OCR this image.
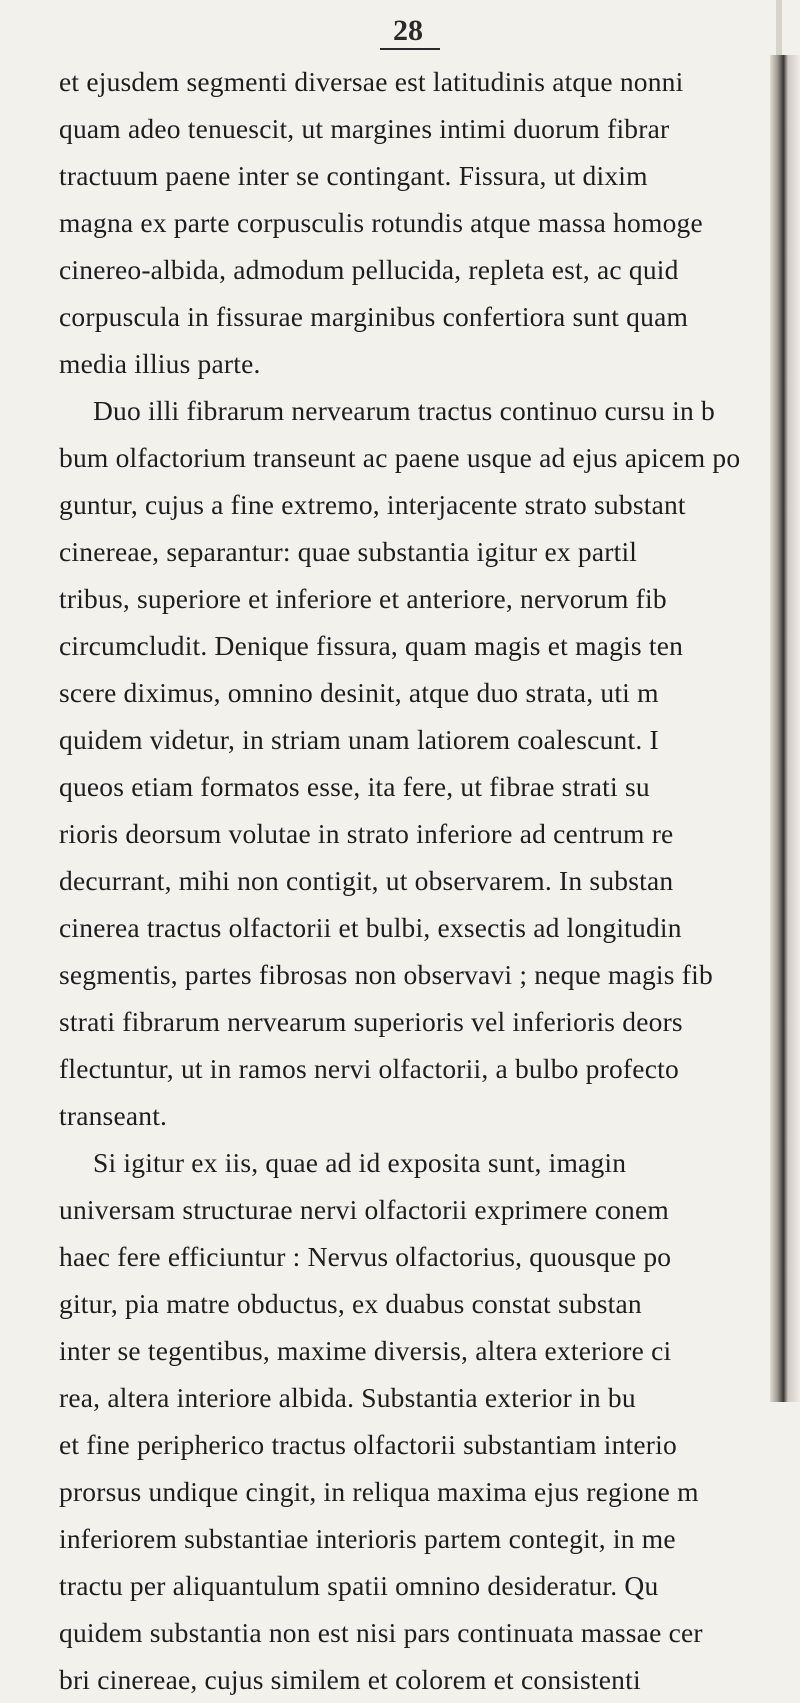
28
et ejusdem segmenti diversae est latitudinis atque nonni
quam adeo tenuescit, ut margines intimi duorum fibrar
tractuum paene inter se contingant. Fissura, ut dixim
magna ex parte corpusculis rotundis atque massa homoge
cinereo-albida, admodum pellucida, repleta est, ac quid
corpuscula in fissurae marginibus confertiora sunt quam
media illius parte.
Duo illi fibrarum nervearum tractus continuo cursu in b
bum olfactorium transeunt ac paene usque ad ejus apicem po
guntur, cujus a fine extremo, interjacente strato substant
cinereae, separantur: quae substantia igitur ex partil
tribus, superiore et inferiore et anteriore, nervorum fib
circumcludit. Denique fissura, quam magis et magis ten
scere diximus, omnino desinit, atque duo strata, uti m
quidem videtur, in striam unam latiorem coalescunt. I
queos etiam formatos esse, ita fere, ut fibrae strati su
rioris deorsum volutae in strato inferiore ad centrum re
decurrant, mihi non contigit, ut observarem. In substan
cinerea tractus olfactorii et bulbi, exsectis ad longitudin
segmentis, partes fibrosas non observavi ; neque magis fib
strati fibrarum nervearum superioris vel inferioris deors
flectuntur, ut in ramos nervi olfactorii, a bulbo profecto
transeant.
Si igitur ex iis, quae ad id exposita sunt, imagin
universam structurae nervi olfactorii exprimere conem
haec fere efficiuntur : Nervus olfactorius, quousque po
gitur, pia matre obductus, ex duabus constat substan
inter se tegentibus, maxime diversis, altera exteriore ci
rea, altera interiore albida. Substantia exterior in bu
et fine peripherico tractus olfactorii substantiam interio
prorsus undique cingit, in reliqua maxima ejus regione m
inferiorem substantiae interioris partem contegit, in me
tractu per aliquantulum spatii omnino desideratur. Qu
quidem substantia non est nisi pars continuata massae cer
bri cinereae, cujus similem et colorem et consistenti
